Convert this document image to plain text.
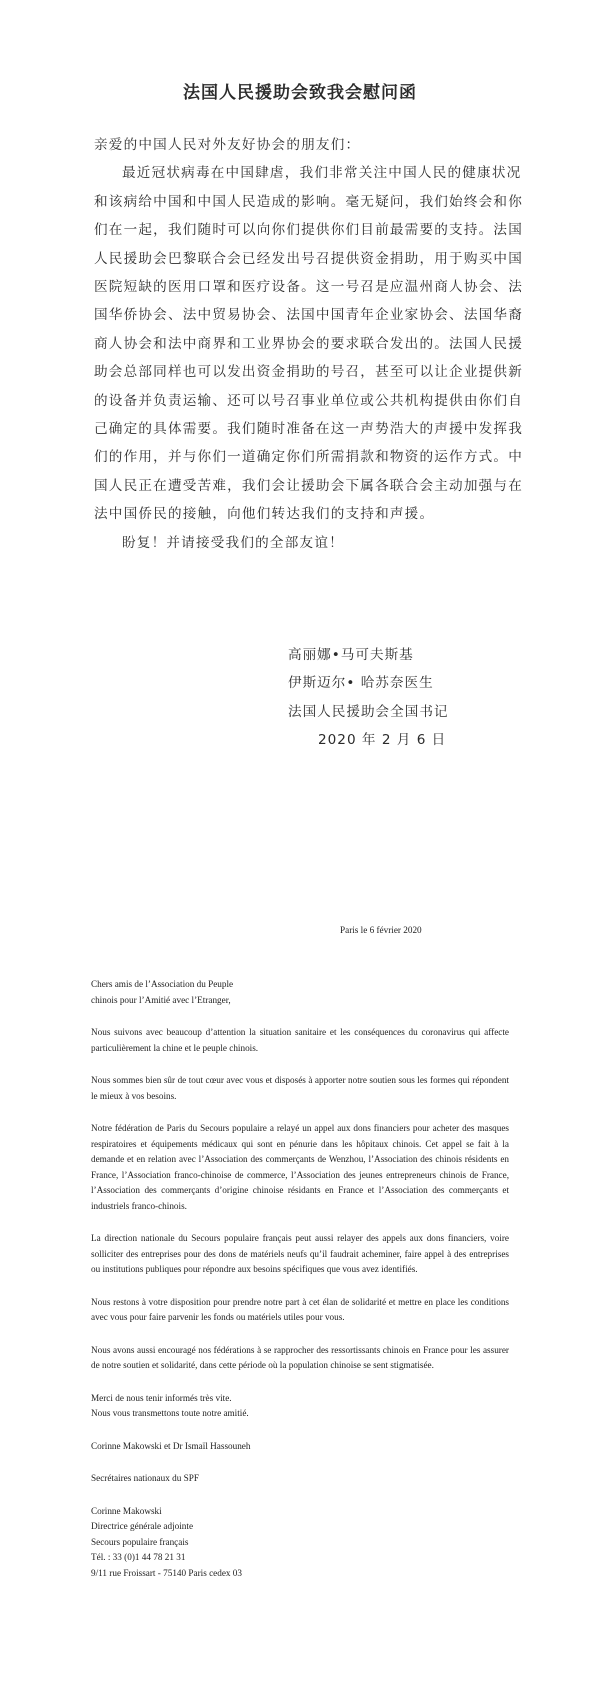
法国人民援助会致我会慰问函

亲爱的中国人民对外友好协会的朋友们：

最近冠状病毒在中国肆虐，我们非常关注中国人民的健康状况和该病给中国和中国人民造成的影响。毫无疑问，我们始终会和你们在一起，我们随时可以向你们提供你们目前最需要的支持。法国人民援助会巴黎联合会已经发出号召提供资金捐助，用于购买中国医院短缺的医用口罩和医疗设备。这一号召是应温州商人协会、法国华侨协会、法中贸易协会、法国中国青年企业家协会、法国华裔商人协会和法中商界和工业界协会的要求联合发出的。法国人民援助会总部同样也可以发出资金捐助的号召，甚至可以让企业提供新的设备并负责运输、还可以号召事业单位或公共机构提供由你们自己确定的具体需要。我们随时准备在这一声势浩大的声援中发挥我们的作用，并与你们一道确定你们所需捐款和物资的运作方式。中国人民正在遭受苦难，我们会让援助会下属各联合会主动加强与在法中国侨民的接触，向他们转达我们的支持和声援。

盼复！并请接受我们的全部友谊！

高丽娜•马可夫斯基
伊斯迈尔• 哈苏奈医生
法国人民援助会全国书记
2020 年 2 月 6 日
Paris le 6 février 2020
Chers amis de l’Association du Peuple
chinois pour l’Amitié avec l’Etranger,

Nous suivons avec beaucoup d’attention la situation sanitaire et les conséquences du coronavirus qui affecte particulièrement la chine et le peuple chinois.

Nous sommes bien sûr de tout cœur avec vous et disposés à apporter notre soutien sous les formes qui répondent le mieux à vos besoins.

Notre fédération de Paris du Secours populaire a relayé un appel aux dons financiers pour acheter des masques respiratoires et équipements médicaux qui sont en pénurie dans les hôpitaux chinois. Cet appel se fait à la demande et en relation avec l’Association des commerçants de Wenzhou, l’Association des chinois résidents en France, l’Association franco-chinoise de commerce, l’Association des jeunes entrepreneurs chinois de France, l’Association des commerçants d’origine chinoise résidants en France et l’Association des commerçants et industriels franco-chinois.

La direction nationale du Secours populaire français peut aussi relayer des appels aux dons financiers, voire solliciter des entreprises pour des dons de matériels neufs qu’il faudrait acheminer, faire appel à des entreprises ou institutions publiques pour répondre aux besoins spécifiques que vous avez identifiés.

Nous restons à votre disposition pour prendre notre part à cet élan de solidarité et mettre en place les conditions avec vous pour faire parvenir les fonds ou matériels utiles pour vous.

Nous avons aussi encouragé nos fédérations à se rapprocher des ressortissants chinois en France pour les assurer de notre soutien et solidarité, dans cette période où la population chinoise se sent stigmatisée.

Merci de nous tenir informés très vite.
Nous vous transmettons toute notre amitié.
Corinne Makowski et Dr Ismaïl Hassouneh
Secrétaires nationaux du SPF
Corinne Makowski
Directrice générale adjointe
Secours populaire français
Tél. : 33 (0)1 44 78 21 31
9/11 rue Froissart - 75140 Paris cedex 03
